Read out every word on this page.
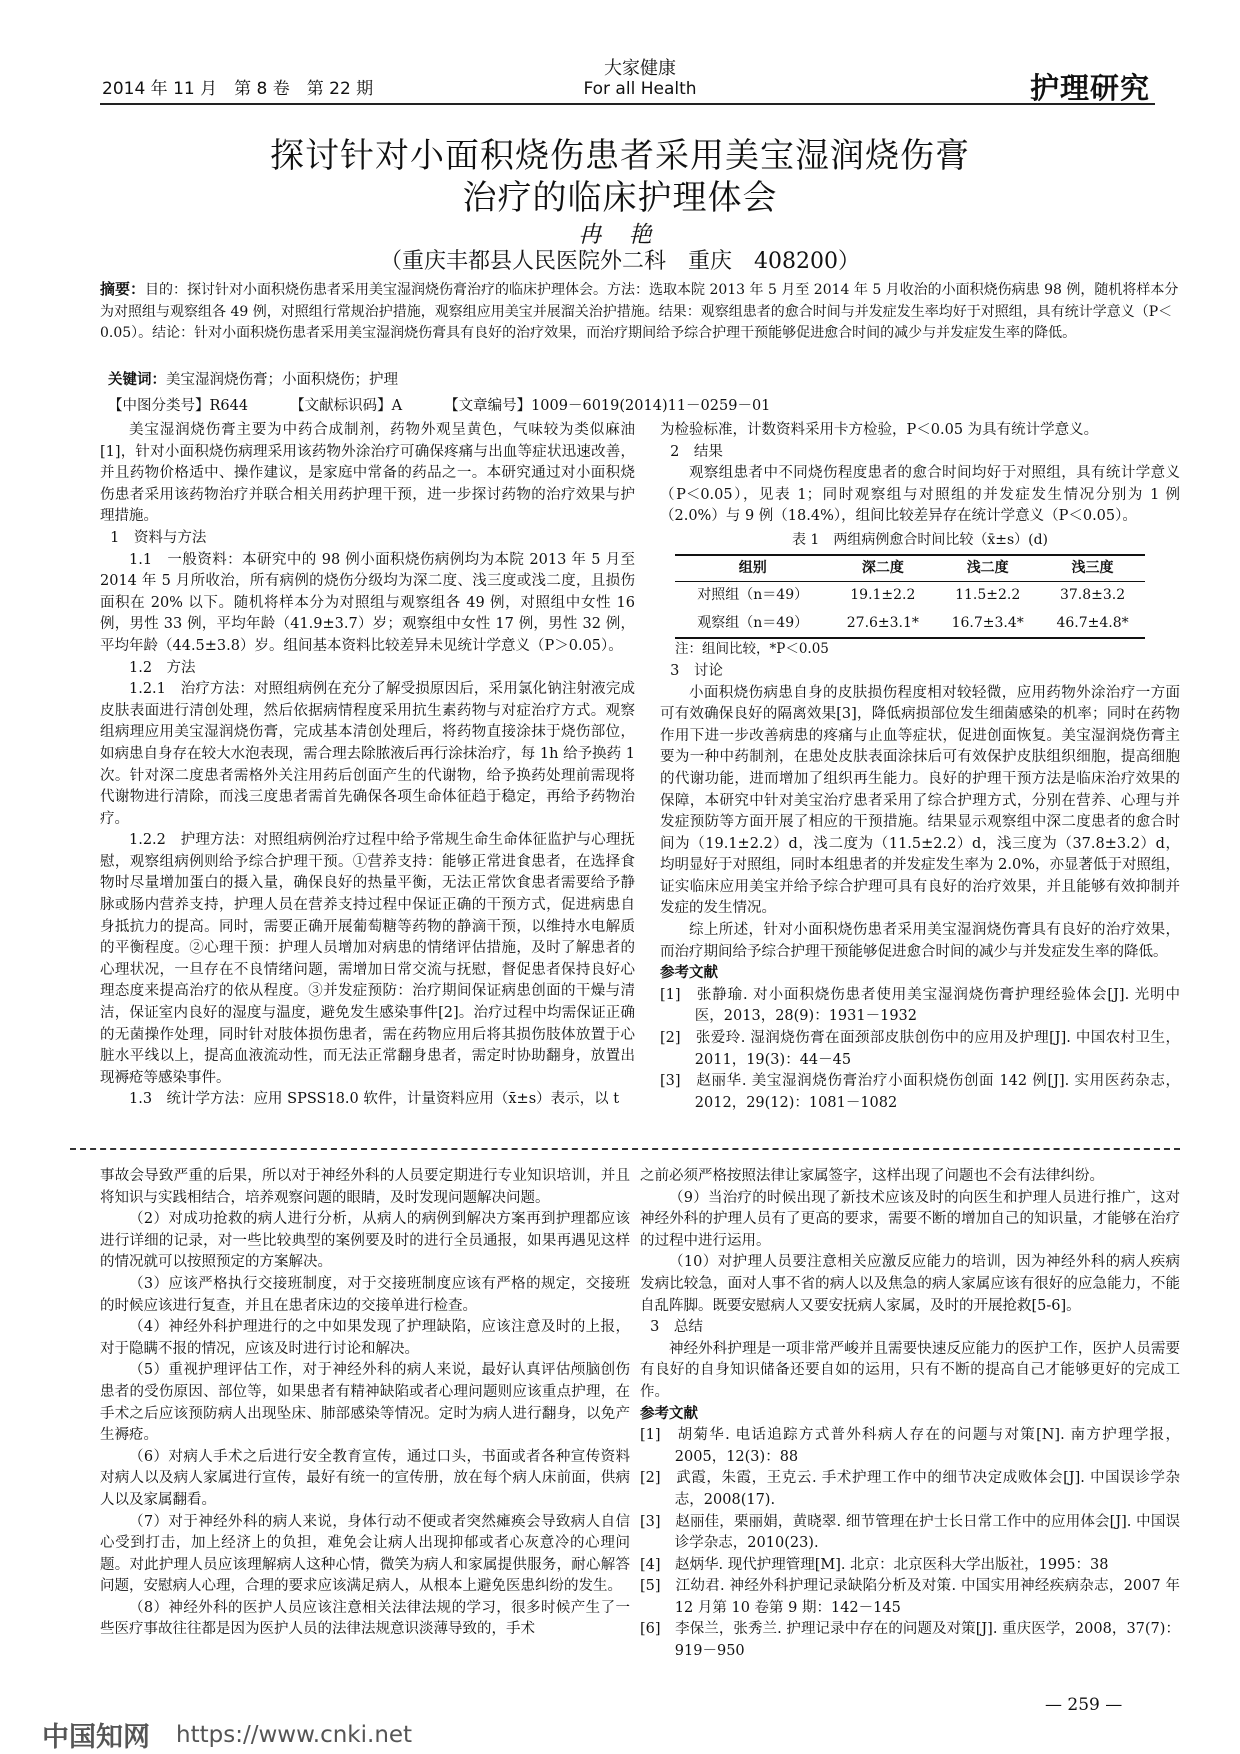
2014 年 11 月　第 8 卷　第 22 期
大家健康
For all Health	护理研究
探讨针对小面积烧伤患者采用美宝湿润烧伤膏
治疗的临床护理体会
冉 艳
（重庆丰都县人民医院外二科　重庆　408200）
摘要：目的：探讨针对小面积烧伤患者采用美宝湿润烧伤膏治疗的临床护理体会。方法：选取本院 2013 年 5 月至 2014 年 5 月收治的小面积烧伤病患 98 例，随机将样本分为对照组与观察组各 49 例，对照组行常规治护措施，观察组应用美宝并展溜关治护措施。结果：观察组患者的愈合时间与并发症发生率均好于对照组，具有统计学意义（P＜0.05）。结论：针对小面积烧伤患者采用美宝湿润烧伤膏具有良好的治疗效果，而治疗期间给予综合护理干预能够促进愈合时间的减少与并发症发生率的降低。
关键词：美宝湿润烧伤膏；小面积烧伤；护理
【中图分类号】R644	【文献标识码】A	【文章编号】1009－6019(2014)11－0259－01

美宝湿润烧伤膏主要为中药合成制剂，药物外观呈黄色，气味较为类似麻油[1]，针对小面积烧伤病理采用该药物外涂治疗可确保疼痛与出血等症状迅速改善，并且药物价格适中、操作建议，是家庭中常备的药品之一。本研究通过对小面积烧伤患者采用该药物治疗并联合相关用药护理干预，进一步探讨药物的治疗效果与护理措施。

1　资料与方法

1.1　一般资料：本研究中的 98 例小面积烧伤病例均为本院 2013 年 5 月至 2014 年 5 月所收治，所有病例的烧伤分级均为深二度、浅三度或浅二度，且损伤面积在 20% 以下。随机将样本分为对照组与观察组各 49 例，对照组中女性 16 例，男性 33 例，平均年龄（41.9±3.7）岁；观察组中女性 17 例，男性 32 例，平均年龄（44.5±3.8）岁。组间基本资料比较差异未见统计学意义（P＞0.05）。

1.2　方法

1.2.1　治疗方法：对照组病例在充分了解受损原因后，采用氯化钠注射液完成皮肤表面进行清创处理，然后依据病情程度采用抗生素药物与对症治疗方式。观察组病理应用美宝湿润烧伤膏，完成基本清创处理后，将药物直接涂抹于烧伤部位，如病患自身存在较大水泡表现，需合理去除脓液后再行涂抹治疗，每 1h 给予换药 1 次。针对深二度患者需格外关注用药后创面产生的代谢物，给予换药处理前需现将代谢物进行清除，而浅三度患者需首先确保各项生命体征趋于稳定，再给予药物治疗。

1.2.2　护理方法：对照组病例治疗过程中给予常规生命生命体征监护与心理抚慰，观察组病例则给予综合护理干预。①营养支持：能够正常进食患者，在选择食物时尽量增加蛋白的摄入量，确保良好的热量平衡，无法正常饮食患者需要给予静脉或肠内营养支持，护理人员在营养支持过程中保证正确的干预方式，促进病患自身抵抗力的提高。同时，需要正确开展葡萄糖等药物的静滴干预，以维持水电解质的平衡程度。②心理干预：护理人员增加对病患的情绪评估措施，及时了解患者的心理状况，一旦存在不良情绪问题，需增加日常交流与抚慰，督促患者保持良好心理态度来提高治疗的依从程度。③并发症预防：治疗期间保证病患创面的干燥与清洁，保证室内良好的湿度与温度，避免发生感染事件[2]。治疗过程中均需保证正确的无菌操作处理，同时针对肢体损伤患者，需在药物应用后将其损伤肢体放置于心脏水平线以上，提高血液流动性，而无法正常翻身患者，需定时协助翻身，放置出现褥疮等感染事件。

1.3　统计学方法：应用 SPSS18.0 软件，计量资料应用（x̄±s）表示，以 t

为检验标准，计数资料采用卡方检验，P＜0.05 为具有统计学意义。

2　结果

观察组患者中不同烧伤程度患者的愈合时间均好于对照组，具有统计学意义（P＜0.05），见表 1；同时观察组与对照组的并发症发生情况分别为 1 例（2.0%）与 9 例（18.4%），组间比较差异存在统计学意义（P＜0.05）。

表 1　两组病例愈合时间比较（x̄±s）(d)
组别	深二度	浅二度	浅三度
对照组（n＝49）	19.1±2.2	11.5±2.2	37.8±3.2
观察组（n＝49）	27.6±3.1*	16.7±3.4*	46.7±4.8*

注：组间比较，*P＜0.05

3　讨论

小面积烧伤病患自身的皮肤损伤程度相对较轻微，应用药物外涂治疗一方面可有效确保良好的隔离效果[3]，降低病损部位发生细菌感染的机率；同时在药物作用下进一步改善病患的疼痛与止血等症状，促进创面恢复。美宝湿润烧伤膏主要为一种中药制剂，在患处皮肤表面涂抹后可有效保护皮肤组织细胞，提高细胞的代谢功能，进而增加了组织再生能力。良好的护理干预方法是临床治疗效果的保障，本研究中针对美宝治疗患者采用了综合护理方式，分别在营养、心理与并发症预防等方面开展了相应的干预措施。结果显示观察组中深二度患者的愈合时间为（19.1±2.2）d，浅二度为（11.5±2.2）d，浅三度为（37.8±3.2）d，均明显好于对照组，同时本组患者的并发症发生率为 2.0%，亦显著低于对照组，证实临床应用美宝并给予综合护理可具有良好的治疗效果，并且能够有效抑制并发症的发生情况。

综上所述，针对小面积烧伤患者采用美宝湿润烧伤膏具有良好的治疗效果，而治疗期间给予综合护理干预能够促进愈合时间的减少与并发症发生率的降低。

参考文献

[1]　张静瑜. 对小面积烧伤患者使用美宝湿润烧伤膏护理经验体会[J]. 光明中医，2013，28(9)：1931－1932

[2]　张爱玲. 湿润烧伤膏在面颈部皮肤创伤中的应用及护理[J]. 中国农村卫生，2011，19(3)：44－45

[3]　赵丽华. 美宝湿润烧伤膏治疗小面积烧伤创面 142 例[J]. 实用医药杂志，2012，29(12)：1081－1082

事故会导致严重的后果，所以对于神经外科的人员要定期进行专业知识培训，并且将知识与实践相结合，培养观察问题的眼睛，及时发现问题解决问题。

（2）对成功抢救的病人进行分析，从病人的病例到解决方案再到护理都应该进行详细的记录，对一些比较典型的案例要及时的进行全员通报，如果再遇见这样的情况就可以按照预定的方案解决。

（3）应该严格执行交接班制度，对于交接班制度应该有严格的规定，交接班的时候应该进行复查，并且在患者床边的交接单进行检查。

（4）神经外科护理进行的之中如果发现了护理缺陷，应该注意及时的上报，对于隐瞒不报的情况，应该及时进行讨论和解决。

（5）重视护理评估工作，对于神经外科的病人来说，最好认真评估颅脑创伤患者的受伤原因、部位等，如果患者有精神缺陷或者心理问题则应该重点护理，在手术之后应该预防病人出现坠床、肺部感染等情况。定时为病人进行翻身，以免产生褥疮。

（6）对病人手术之后进行安全教育宣传，通过口头，书面或者各种宣传资料对病人以及病人家属进行宣传，最好有统一的宣传册，放在每个病人床前面，供病人以及家属翻看。

（7）对于神经外科的病人来说，身体行动不便或者突然瘫痪会导致病人自信心受到打击，加上经济上的负担，难免会让病人出现抑郁或者心灰意冷的心理问题。对此护理人员应该理解病人这种心情，微笑为病人和家属提供服务，耐心解答问题，安慰病人心理，合理的要求应该满足病人，从根本上避免医患纠纷的发生。

（8）神经外科的医护人员应该注意相关法律法规的学习，很多时候产生了一些医疗事故往往都是因为医护人员的法律法规意识淡薄导致的，手术

之前必须严格按照法律让家属签字，这样出现了问题也不会有法律纠纷。

（9）当治疗的时候出现了新技术应该及时的向医生和护理人员进行推广，这对神经外科的护理人员有了更高的要求，需要不断的增加自己的知识量，才能够在治疗的过程中进行运用。

（10）对护理人员要注意相关应激反应能力的培训，因为神经外科的病人疾病发病比较急，面对人事不省的病人以及焦急的病人家属应该有很好的应急能力，不能自乱阵脚。既要安慰病人又要安抚病人家属，及时的开展抢救[5-6]。

3　总结

神经外科护理是一项非常严峻并且需要快速反应能力的医护工作，医护人员需要有良好的自身知识储备还要自如的运用，只有不断的提高自己才能够更好的完成工作。

参考文献

[1]　胡菊华. 电话追踪方式普外科病人存在的问题与对策[N]. 南方护理学报，2005，12(3)：88

[2]　武霞，朱霞，王克云. 手术护理工作中的细节决定成败体会[J]. 中国误诊学杂志，2008(17).

[3]　赵丽佳，栗丽娟，黄晓翠. 细节管理在护士长日常工作中的应用体会[J]. 中国误诊学杂志，2010(23).

[4]　赵炳华. 现代护理管理[M]. 北京：北京医科大学出版社，1995：38

[5]　江幼君. 神经外科护理记录缺陷分析及对策. 中国实用神经疾病杂志，2007 年 12 月第 10 卷第 9 期：142－145

[6]　李保兰，张秀兰. 护理记录中存在的问题及对策[J]. 重庆医学，2008，37(7)：919－950

— 259 —
中国知网 https://www.cnki.net
